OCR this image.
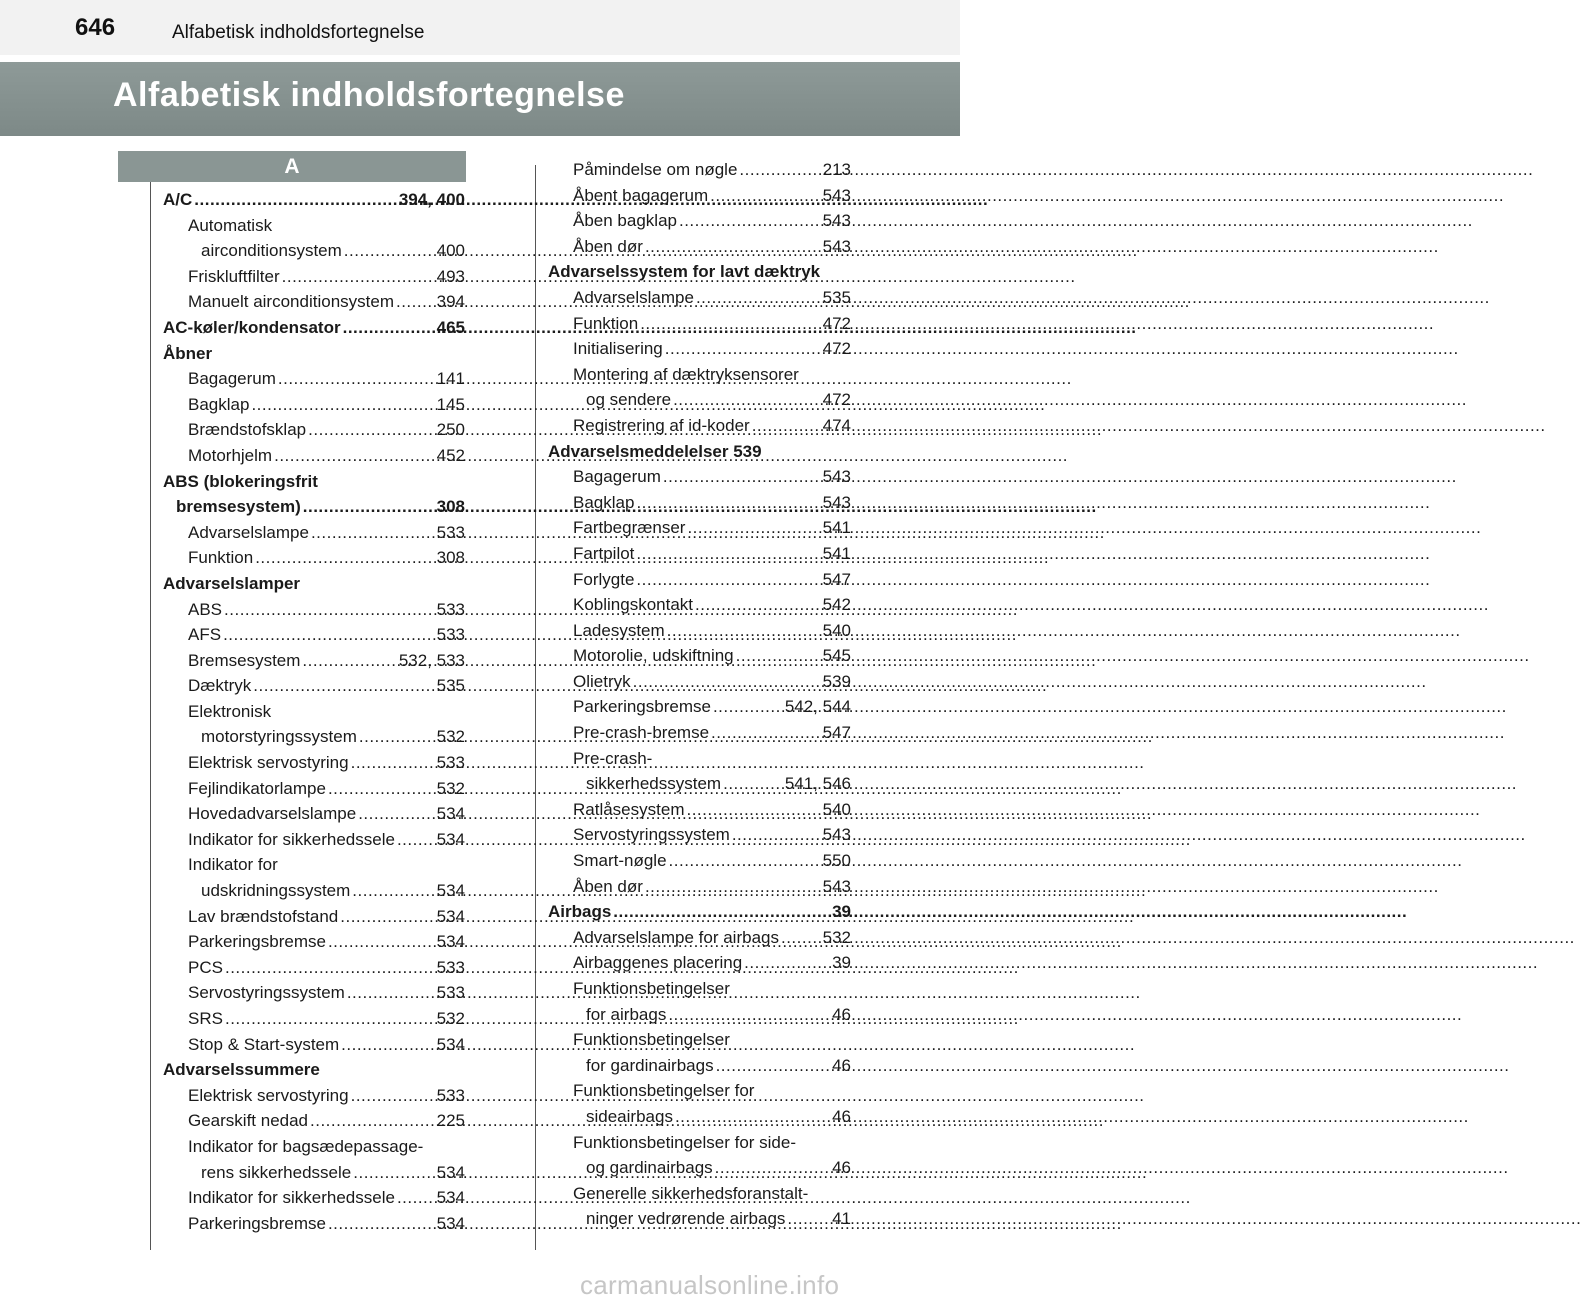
646	Alfabetisk indholdsfortegnelse
Alfabetisk indholdsfortegnelse
A
A/C .....	394, 400
Automatisk
airconditionsystem .....	400
Friskluftfilter .....	493
Manuelt airconditionsystem .....	394
AC-køler/kondensator .....	465
Åbner
Bagagerum .....	141
Bagklap .....	145
Brændstofsklap .....	250
Motorhjelm .....	452
ABS (blokeringsfrit
bremsesystem) .....	308
Advarselslampe .....	533
Funktion .....	308
Advarselslamper
ABS .....	533
AFS .....	533
Bremsesystem .....	532, 533
Dæktryk .....	535
Elektronisk
motorstyringssystem .....	532
Elektrisk servostyring .....	533
Fejlindikatorlampe .....	532
Hovedadvarselslampe .....	534
Indikator for sikkerhedssele ..... 534
Indikator for
udskridningssystem .....	534
Lav brændstofstand .....	534
Parkeringsbremse .....	534
PCS .....	533
Servostyringssystem .....	533
SRS .....	532
Stop & Start-system .....	534
Advarselssummere
Elektrisk servostyring .....	533
Gearskift nedad .....	225
Indikator for bagsædepassage-
rens sikkerhedssele .....	534
Indikator for sikkerhedssele ..... 534
Parkeringsbremse .....	534
Påmindelse om nøgle .....	213
Åbent bagagerum .....	543
Åben bagklap .....	543
Åben dør .....	543
Advarselssystem for lavt dæktryk
Advarselslampe .....	535
Funktion .....	472
Initialisering .....	472
Montering af dæktryksensorer
og sendere .....	472
Registrering af id-koder .....	474
Advarselsmeddelelser 539
Bagagerum .....	543
Bagklap .....	543
Fartbegrænser .....	541
Fartpilot .....	541
Forlygte .....	547
Koblingskontakt .....	542
Ladesystem .....	540
Motorolie, udskiftning .....	545
Olietryk .....	539
Parkeringsbremse .....	542, 544
Pre-crash-bremse .....	547
Pre-crash-
sikkerhedssystem .....	541, 546
Ratlåsesystem .....	540
Servostyringssystem .....	543
Smart-nøgle .....	550
Åben dør .....	543
Airbags .....	39
Advarselslampe for airbags .....	532
Airbaggenes placering .....	39
Funktionsbetingelser
for airbags .....	46
Funktionsbetingelser
for gardinairbags .....	46
Funktionsbetingelser for
sideairbags .....	46
Funktionsbetingelser for side-
og gardinairbags .....	46
Generelle sikkerhedsforanstalt-
ninger vedrørende airbags .....	41
carmanualsonline.info
